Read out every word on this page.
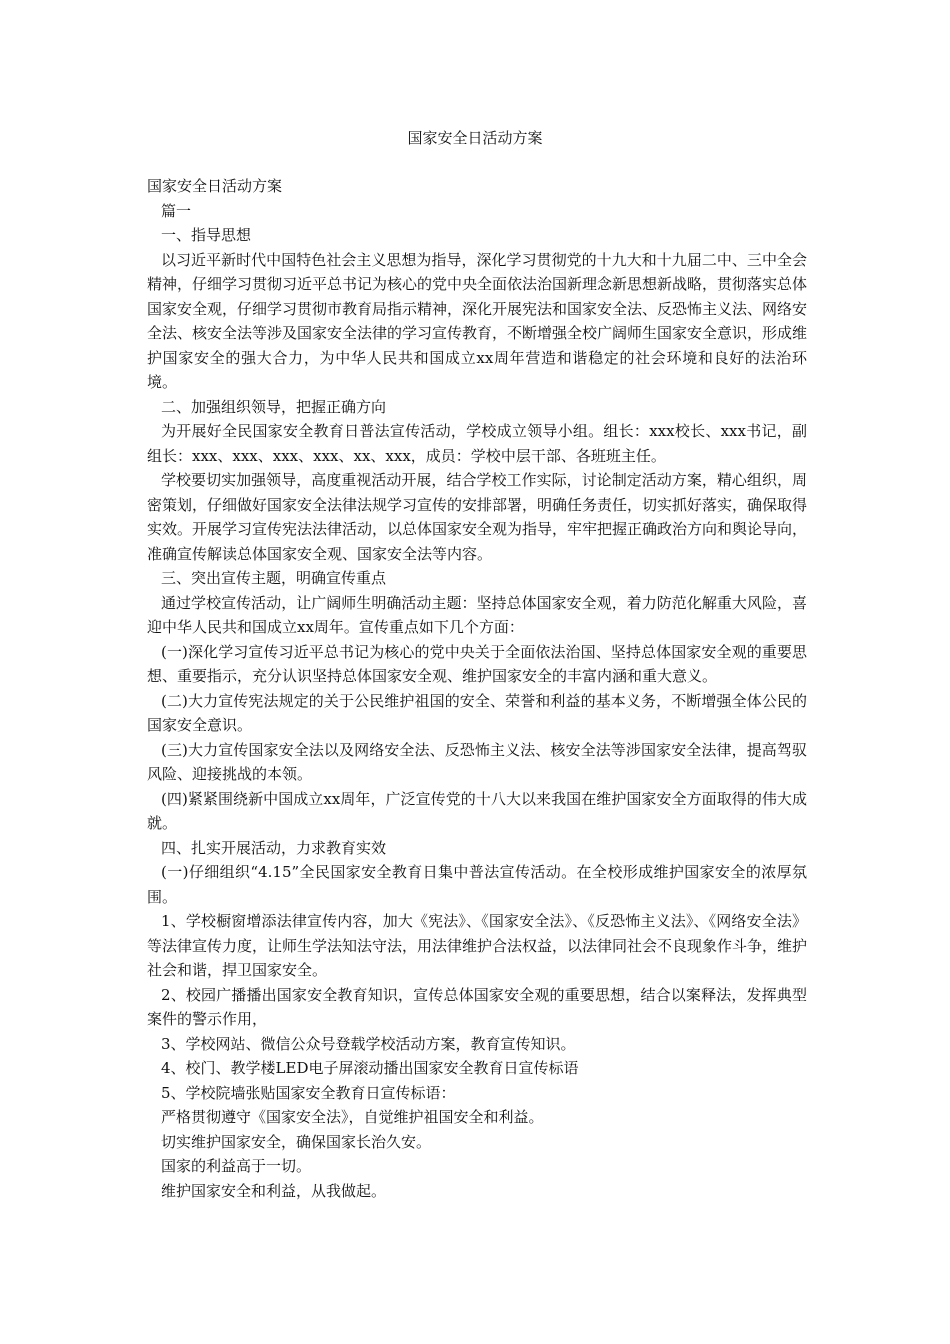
国家安全日活动方案
国家安全日活动方案
篇一
一、指导思想

以习近平新时代中国特色社会主义思想为指导，深化学习贯彻党的十九大和十九届二中、三中全会精神，仔细学习贯彻习近平总书记为核心的党中央全面依法治国新理念新思想新战略，贯彻落实总体国家安全观，仔细学习贯彻市教育局指示精神，深化开展宪法和国家安全法、反恐怖主义法、网络安全法、核安全法等涉及国家安全法律的学习宣传教育，不断增强全校广阔师生国家安全意识，形成维护国家安全的强大合力，为中华人民共和国成立xx周年营造和谐稳定的社会环境和良好的法治环境。

二、加强组织领导，把握正确方向

为开展好全民国家安全教育日普法宣传活动，学校成立领导小组。组长：xxx校长、xxx书记，副组长：xxx、xxx、xxx、xxx、xx、xxx，成员：学校中层干部、各班班主任。

学校要切实加强领导，高度重视活动开展，结合学校工作实际，讨论制定活动方案，精心组织，周密策划，仔细做好国家安全法律法规学习宣传的安排部署，明确任务责任，切实抓好落实，确保取得实效。开展学习宣传宪法法律活动，以总体国家安全观为指导，牢牢把握正确政治方向和舆论导向，准确宣传解读总体国家安全观、国家安全法等内容。

三、突出宣传主题，明确宣传重点

通过学校宣传活动，让广阔师生明确活动主题：坚持总体国家安全观，着力防范化解重大风险，喜迎中华人民共和国成立xx周年。宣传重点如下几个方面：

(一)深化学习宣传习近平总书记为核心的党中央关于全面依法治国、坚持总体国家安全观的重要思想、重要指示，充分认识坚持总体国家安全观、维护国家安全的丰富内涵和重大意义。

(二)大力宣传宪法规定的关于公民维护祖国的安全、荣誉和利益的基本义务，不断增强全体公民的国家安全意识。

(三)大力宣传国家安全法以及网络安全法、反恐怖主义法、核安全法等涉国家安全法律，提高驾驭风险、迎接挑战的本领。

(四)紧紧围绕新中国成立xx周年，广泛宣传党的十八大以来我国在维护国家安全方面取得的伟大成就。

四、扎实开展活动，力求教育实效

(一)仔细组织“4.15”全民国家安全教育日集中普法宣传活动。在全校形成维护国家安全的浓厚氛围。

1、学校橱窗增添法律宣传内容，加大《宪法》、《国家安全法》、《反恐怖主义法》、《网络安全法》等法律宣传力度，让师生学法知法守法，用法律维护合法权益，以法律同社会不良现象作斗争，维护社会和谐，捍卫国家安全。

2、校园广播播出国家安全教育知识，宣传总体国家安全观的重要思想，结合以案释法，发挥典型案件的警示作用，

3、学校网站、微信公众号登载学校活动方案，教育宣传知识。
4、校门、教学楼LED电子屏滚动播出国家安全教育日宣传标语
5、学校院墙张贴国家安全教育日宣传标语：
严格贯彻遵守《国家安全法》，自觉维护祖国安全和利益。
切实维护国家安全，确保国家长治久安。
国家的利益高于一切。
维护国家安全和利益，从我做起。
